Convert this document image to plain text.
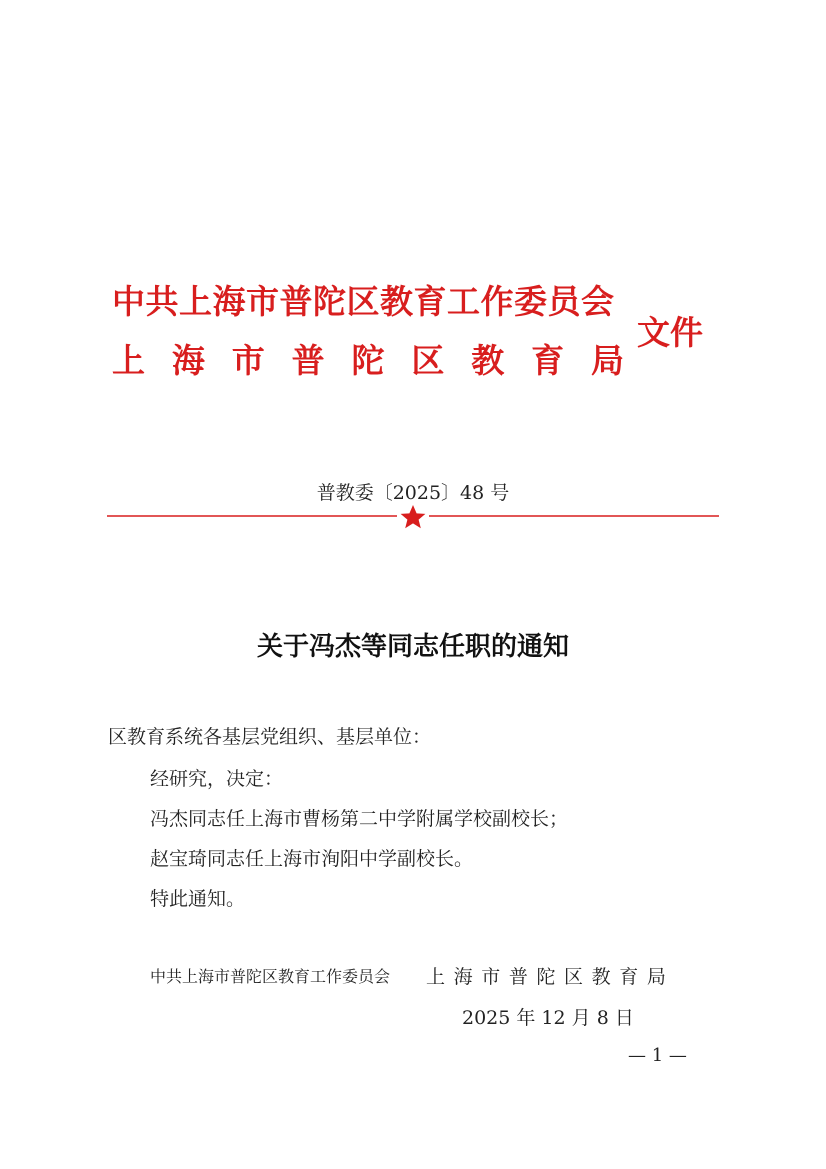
中共上海市普陀区教育工作委员会
上 海 市 普 陀 区 教 育 局
文件
普教委〔2025〕48 号
关于冯杰等同志任职的通知
区教育系统各基层党组织、基层单位：
经研究，决定：
冯杰同志任上海市曹杨第二中学附属学校副校长；
赵宝琦同志任上海市洵阳中学副校长。
特此通知。
中共上海市普陀区教育工作委员会 上 海 市 普 陀 区 教 育 局
2025 年 12 月 8 日
— 1 —
